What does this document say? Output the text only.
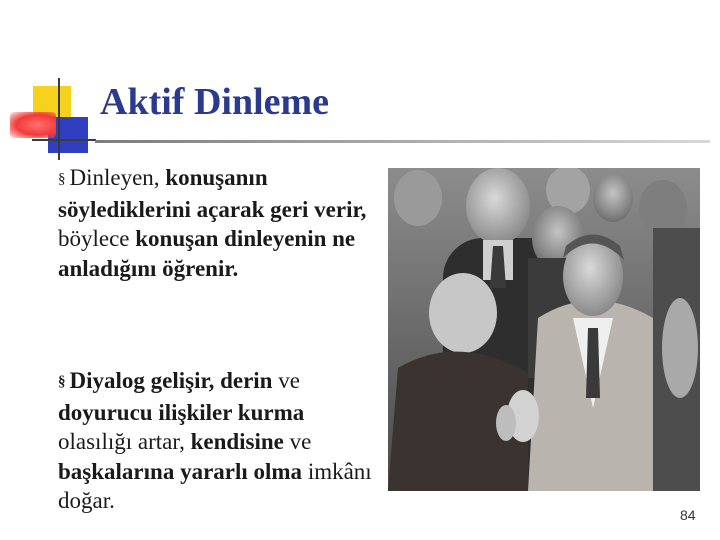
Aktif Dinleme

§ Dinleyen, konuşanın söylediklerini açarak geri verir, böylece konuşan dinleyenin ne anladığını öğrenir.

§ Diyalog gelişir, derin ve doyurucu ilişkiler kurma olasılığı artar, kendisine ve başkalarına yararlı olma imkânı doğar.

84
